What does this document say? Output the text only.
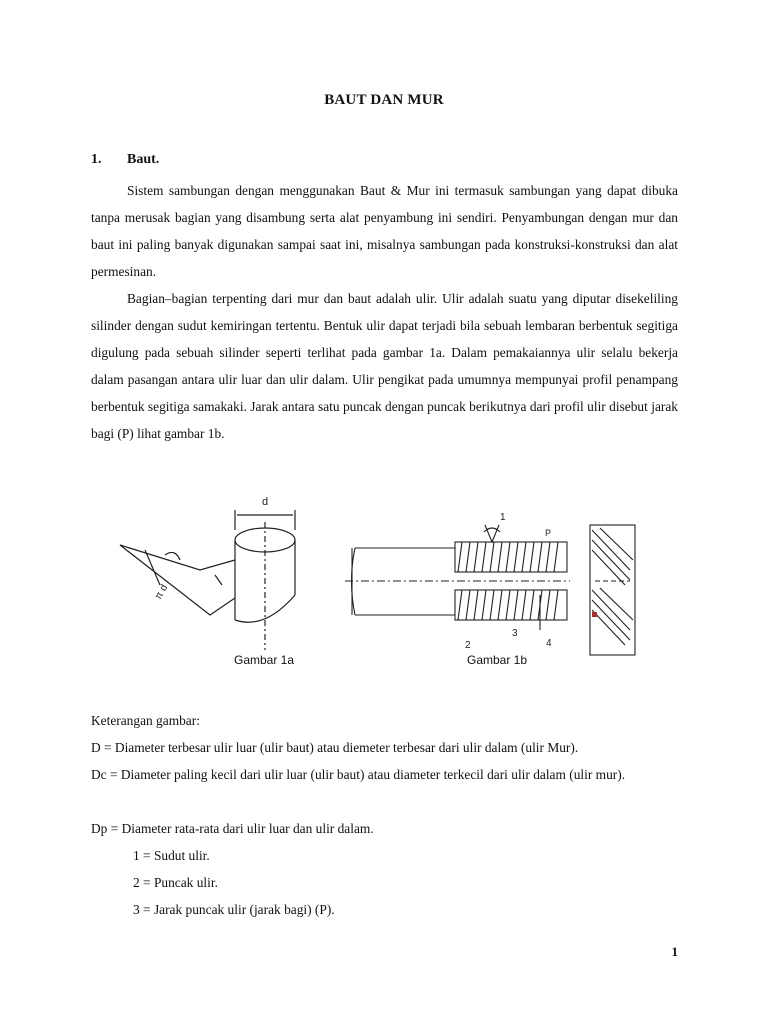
BAUT DAN MUR
1. Baut.

Sistem sambungan dengan menggunakan Baut & Mur ini termasuk sambungan yang dapat dibuka tanpa merusak bagian yang disambung serta alat penyambung ini sendiri. Penyambungan dengan mur dan baut ini paling banyak digunakan sampai saat ini, misalnya sambungan pada konstruksi-konstruksi dan alat permesinan.

Bagian–bagian terpenting dari mur dan baut adalah ulir. Ulir adalah suatu yang diputar disekeliling silinder dengan sudut kemiringan tertentu. Bentuk ulir dapat terjadi bila sebuah lembaran berbentuk segitiga digulung pada sebuah silinder seperti terlihat pada gambar 1a. Dalam pemakaiannya ulir selalu bekerja dalam pasangan antara ulir luar dan ulir dalam. Ulir pengikat pada umumnya mempunyai profil penampang berbentuk segitiga samakaki. Jarak antara satu puncak dengan puncak berikutnya dari profil ulir disebut jarak bagi (P) lihat gambar 1b.

d
π d
1
2
3
4
P
Gambar 1a	Gambar 1b

Keterangan gambar:

D = Diameter terbesar ulir luar (ulir baut) atau diemeter terbesar dari ulir dalam (ulir Mur).

Dc = Diameter paling kecil dari ulir luar (ulir baut) atau diameter terkecil dari ulir dalam (ulir mur).

Dp = Diameter rata-rata dari ulir luar dan ulir dalam.

1 = Sudut ulir.

2 = Puncak ulir.

3 = Jarak puncak ulir (jarak bagi) (P).

1
